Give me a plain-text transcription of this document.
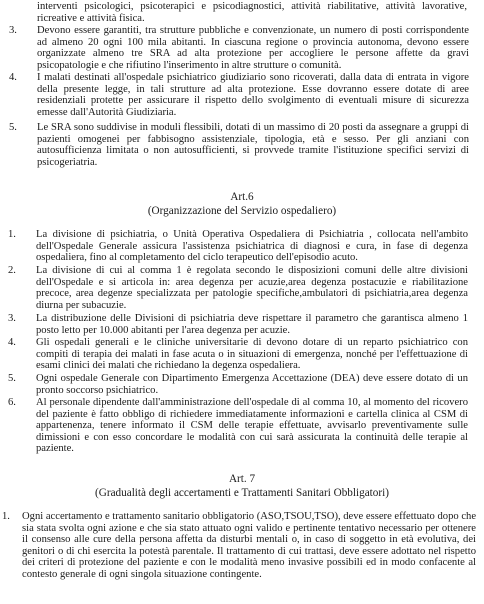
interventi psicologici, psicoterapici e psicodiagnostici, attività riabilitative, attività lavorative, ricreative e attività fisica.

3. Devono essere garantiti, tra strutture pubbliche e convenzionate, un numero di posti corrispondente ad almeno 20 ogni 100 mila abitanti. In ciascuna regione o provincia autonoma, devono essere organizzate almeno tre SRA ad alta protezione per accogliere le persone affette da gravi psicopatologie e che rifiutino l'inserimento in altre strutture o comunità.

4. I malati destinati all'ospedale psichiatrico giudiziario sono ricoverati, dalla data di entrata in vigore della presente legge, in tali strutture ad alta protezione. Esse dovranno essere dotate di aree residenziali protette per assicurare il rispetto dello svolgimento di eventuali misure di sicurezza emesse dall'Autorità Giudiziaria.

5. Le SRA sono suddivise in moduli flessibili, dotati di un massimo di 20 posti da assegnare a gruppi di pazienti omogenei per fabbisogno assistenziale, tipologia, età e sesso. Per gli anziani con autosufficienza limitata o non autosufficienti, si provvede tramite l'istituzione specifici servizi di psicogeriatria.

Art.6
(Organizzazione del Servizio ospedaliero)
1. La divisione di psichiatria, o Unità Operativa Ospedaliera di Psichiatria , collocata nell'ambito dell'Ospedale Generale assicura l'assistenza psichiatrica di diagnosi e cura, in fase di degenza ospedaliera, fino al completamento del ciclo terapeutico dell'episodio acuto.

2. La divisione di cui al comma 1 è regolata secondo le disposizioni comuni delle altre divisioni dell'Ospedale e si articola in: area degenza per acuzie,area degenza postacuzie e riabilitazione precoce, area degenze specializzata per patologie specifiche,ambulatori di psichiatria,area degenza diurna per subacuzie.

3. La distribuzione delle Divisioni di psichiatria deve rispettare il parametro che garantisca almeno 1 posto letto per 10.000 abitanti per l'area degenza per acuzie.

4. Gli ospedali generali e le cliniche universitarie di devono dotare di un reparto psichiatrico con compiti di terapia dei malati in fase acuta o in situazioni di emergenza, nonché per l'effettuazione di esami clinici dei malati che richiedano la degenza ospedaliera.

5. Ogni ospedale Generale con Dipartimento Emergenza Accettazione (DEA) deve essere dotato di un pronto soccorso psichiatrico.

6. Al personale dipendente dall'amministrazione dell'ospedale di al comma 10, al momento del ricovero del paziente è fatto obbligo di richiedere immediatamente informazioni e cartella clinica al CSM di appartenenza, tenere informato il CSM delle terapie effettuate, avvisarlo preventivamente sulle dimissioni e con esso concordare le modalità con cui sarà assicurata la continuità delle terapie al paziente.

Art. 7
(Gradualità degli accertamenti e Trattamenti Sanitari Obbligatori)
1. Ogni accertamento e trattamento sanitario obbligatorio (ASO,TSOU,TSO), deve essere effettuato dopo che sia stata svolta ogni azione e che sia stato attuato ogni valido e pertinente tentativo necessario per ottenere il consenso alle cure della persona affetta da disturbi mentali o, in caso di soggetto in età evolutiva, dei genitori o di chi esercita la potestà parentale. Il trattamento di cui trattasi, deve essere adottato nel rispetto dei criteri di protezione del paziente e con le modalità meno invasive possibili ed in modo confacente al contesto generale di ogni singola situazione contingente.
